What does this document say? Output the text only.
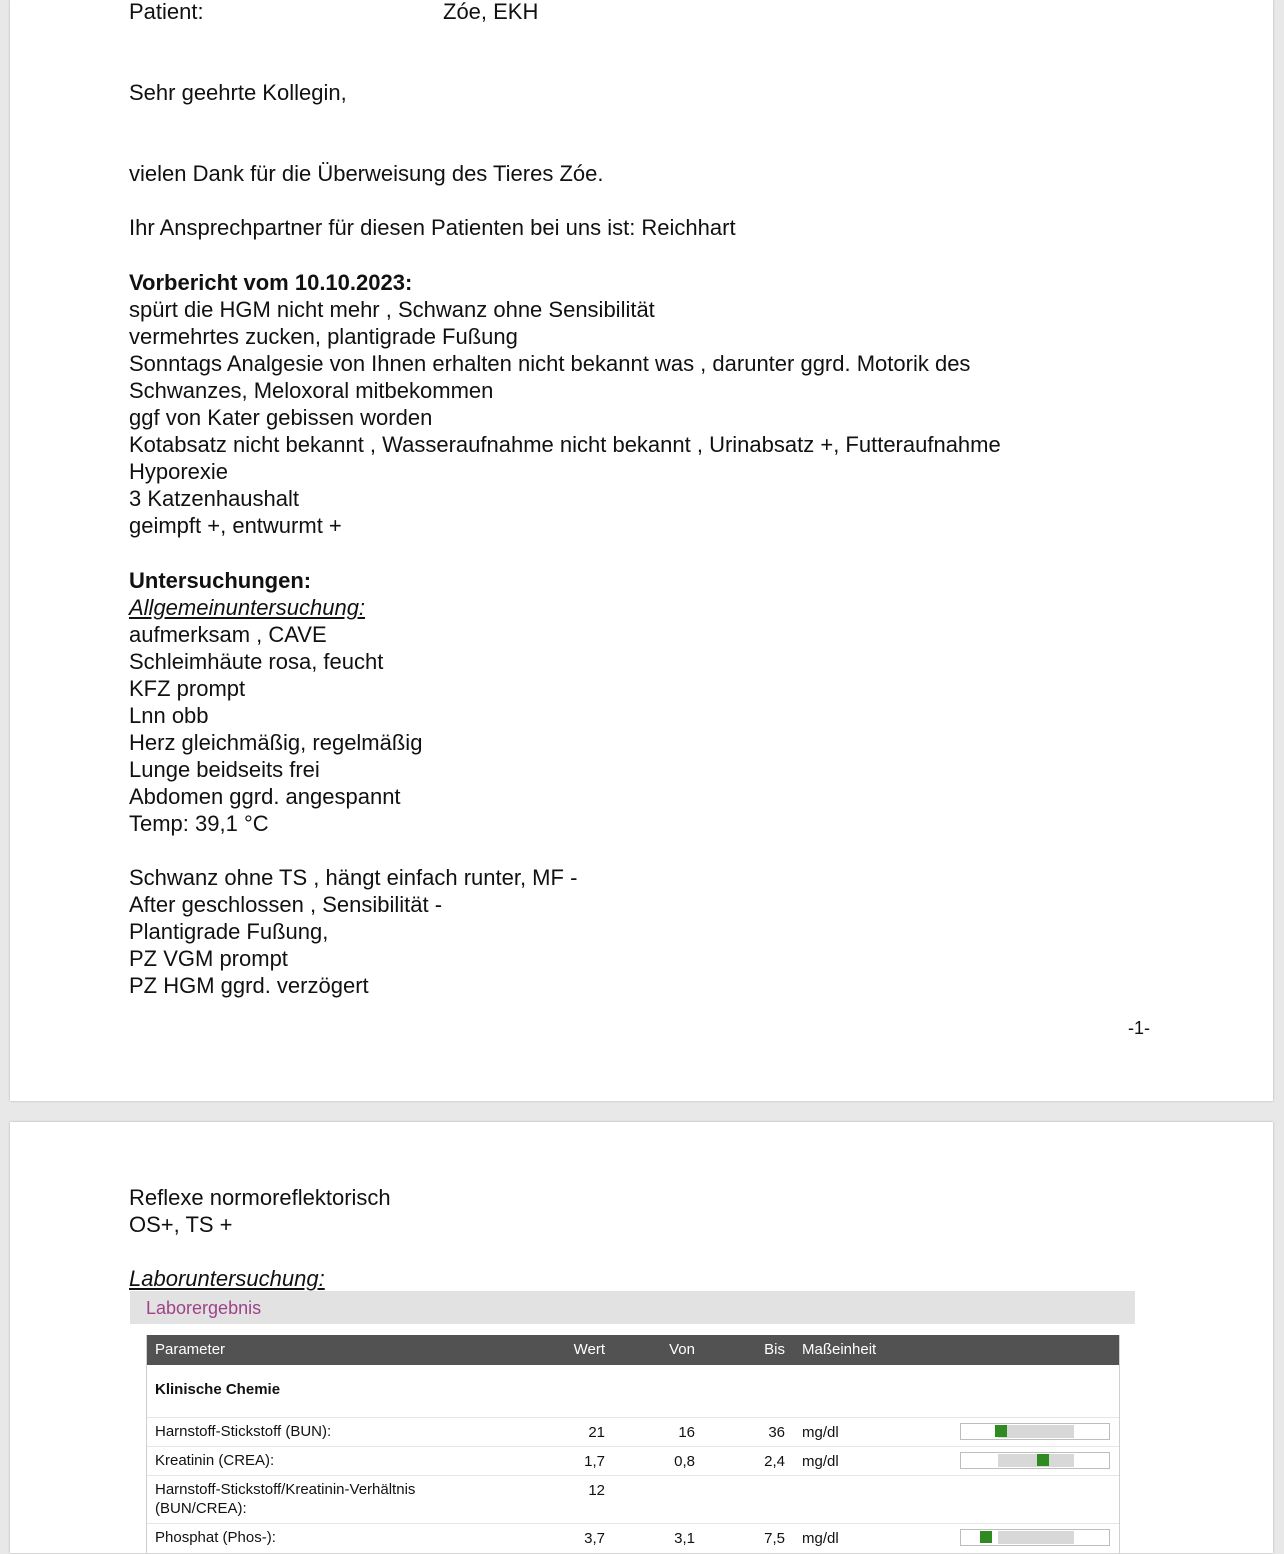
Patient:	Zóe, EKH
Sehr geehrte Kollegin,
vielen Dank für die Überweisung des Tieres Zóe.
Ihr Ansprechpartner für diesen Patienten bei uns ist: Reichhart
Vorbericht vom 10.10.2023:
spürt die HGM nicht mehr , Schwanz ohne Sensibilität
vermehrtes zucken, plantigrade Fußung
Sonntags Analgesie von Ihnen erhalten nicht bekannt was , darunter ggrd. Motorik des
Schwanzes, Meloxoral mitbekommen
ggf von Kater gebissen worden
Kotabsatz nicht bekannt , Wasseraufnahme nicht bekannt , Urinabsatz +, Futteraufnahme
Hyporexie
3 Katzenhaushalt
geimpft +, entwurmt +
Untersuchungen:
Allgemeinuntersuchung:
aufmerksam , CAVE
Schleimhäute rosa, feucht
KFZ prompt
Lnn obb
Herz gleichmäßig, regelmäßig
Lunge beidseits frei
Abdomen ggrd. angespannt
Temp: 39,1 °C
Schwanz ohne TS , hängt einfach runter, MF -
After geschlossen , Sensibilität -
Plantigrade Fußung,
PZ VGM prompt
PZ HGM ggrd. verzögert
-1-
Reflexe normoreflektorisch
OS+, TS +
Laboruntersuchung:
Laborergebnis
Parameter	Wert	Von	Bis Maßeinheit
Klinische Chemie
Harnstoff-Stickstoff (BUN):	21	16	36 mg/dl
Kreatinin (CREA):	1,7	0,8	2,4 mg/dl
Harnstoff-Stickstoff/Kreatinin-Verhältnis (BUN/CREA):
12
Phosphat (Phos-):	3,7	3,1	7,5 mg/dl
